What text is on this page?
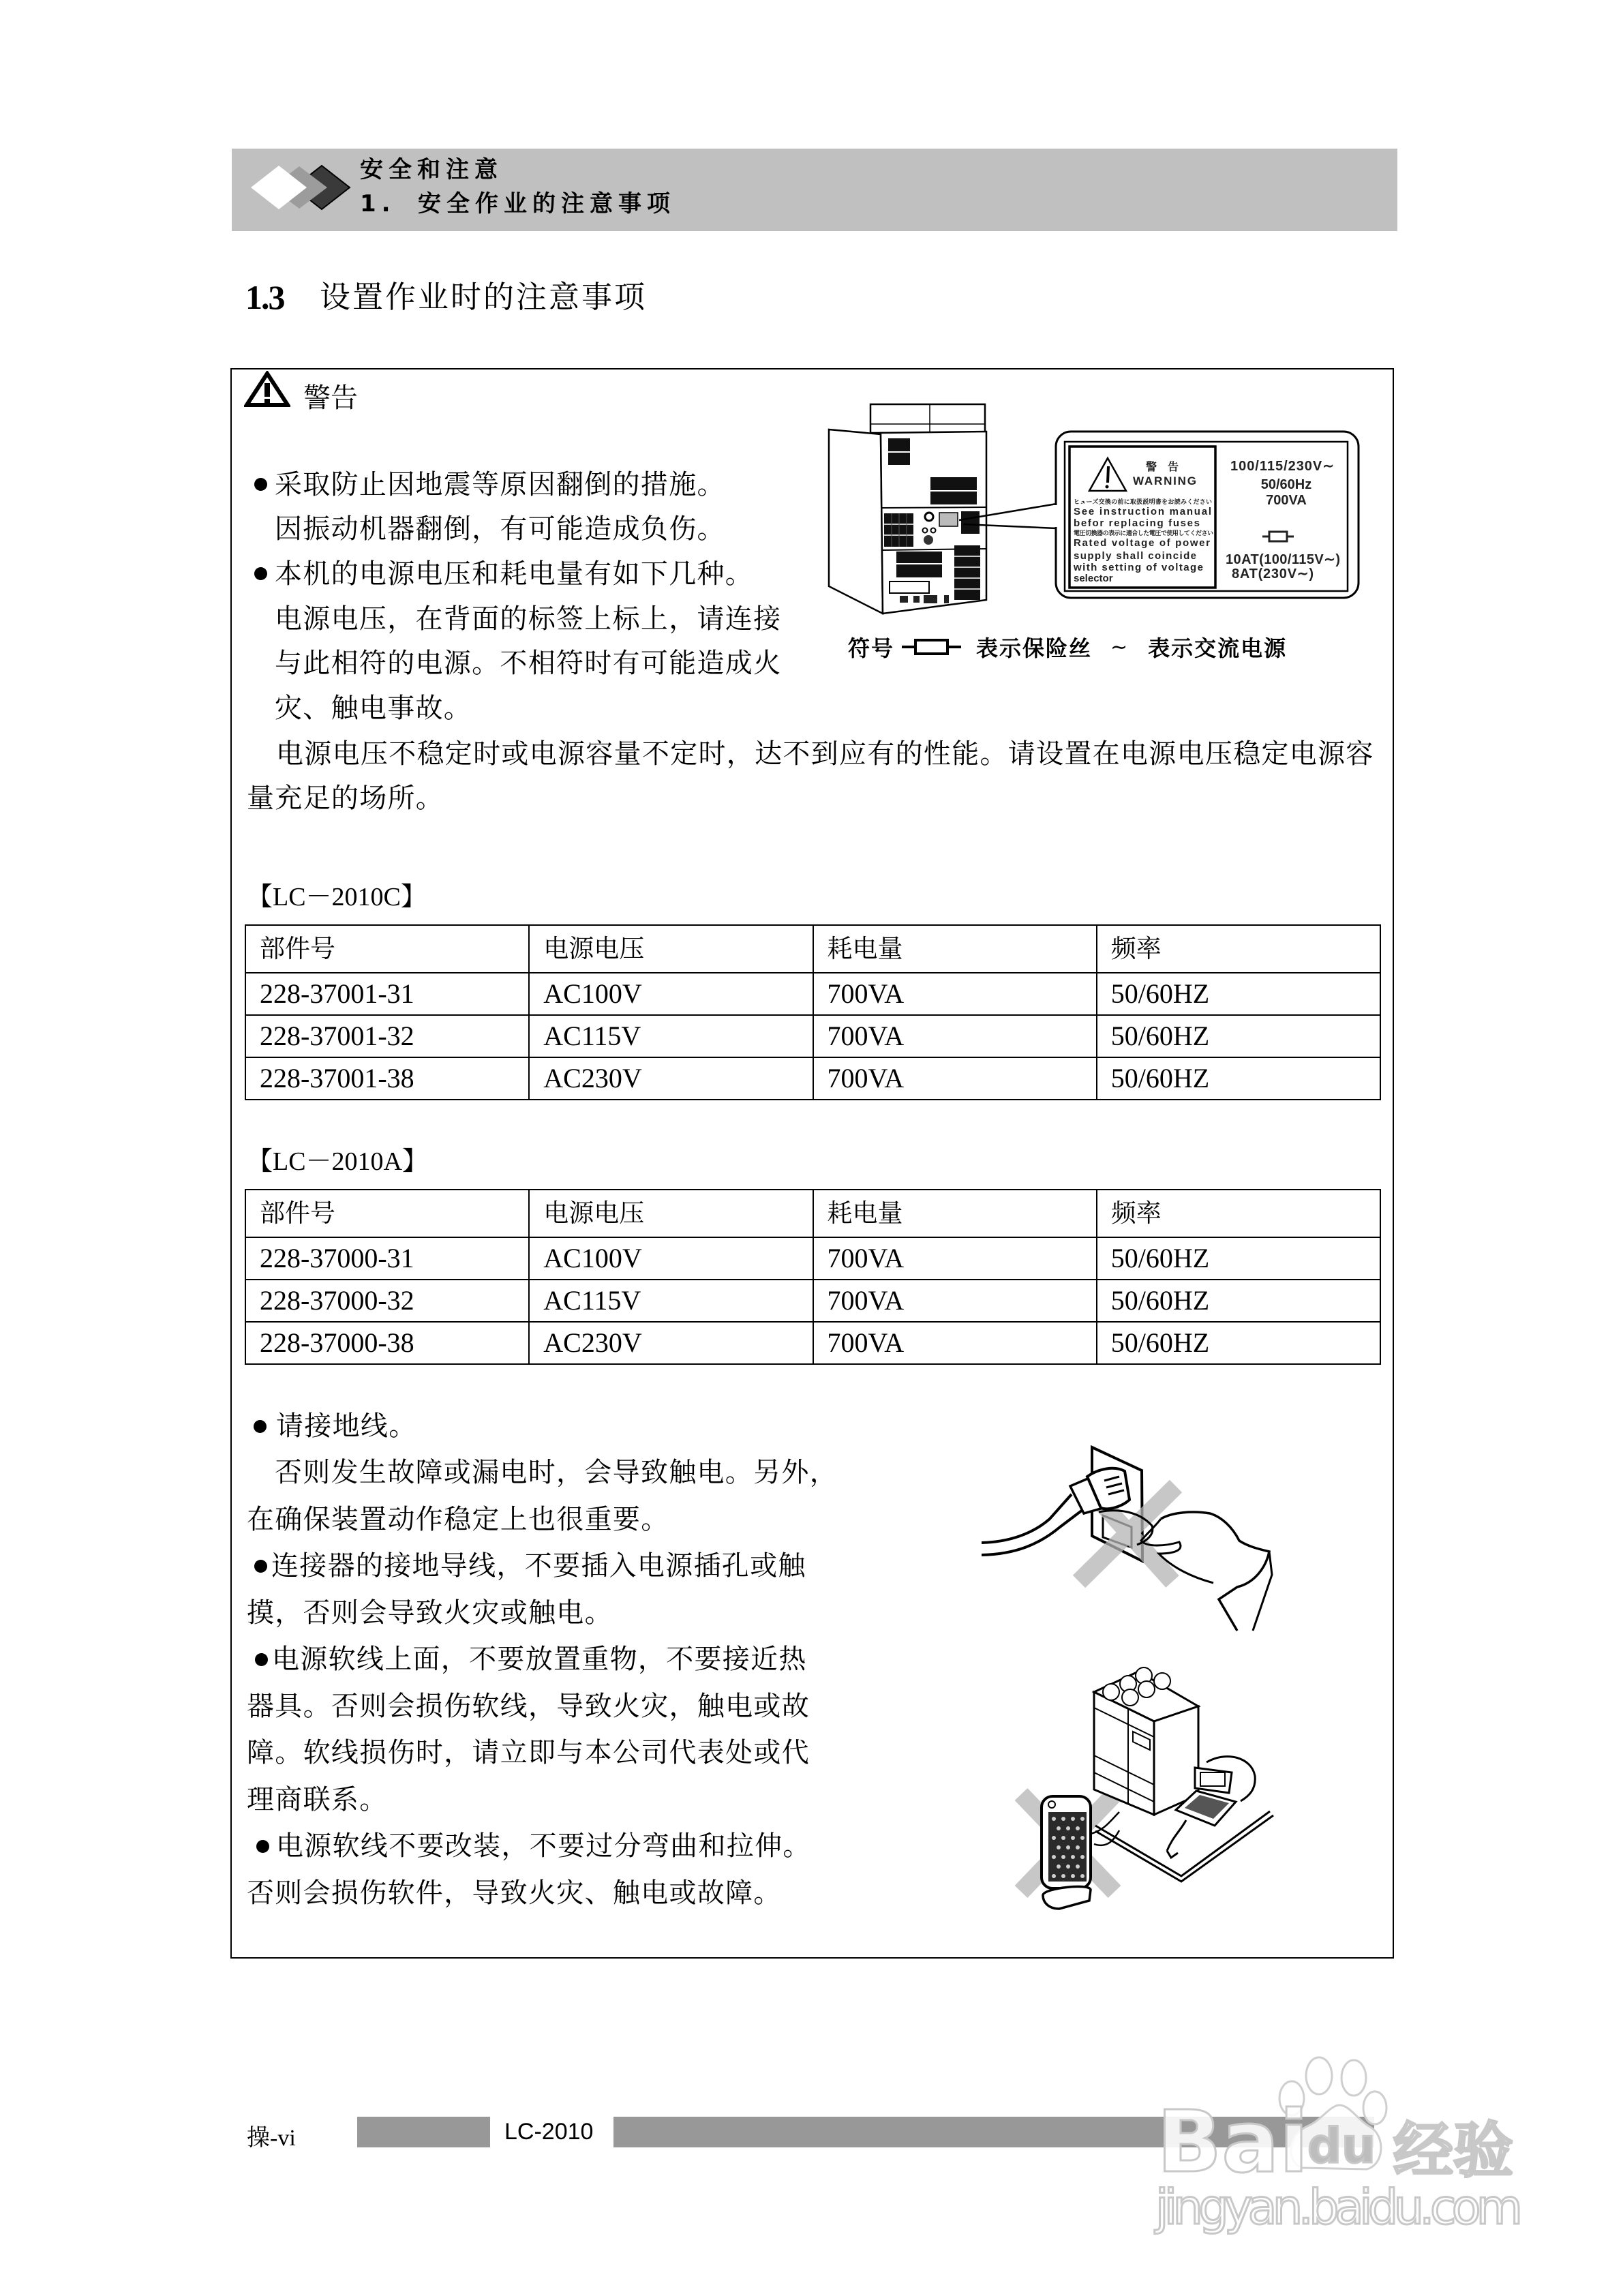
安全和注意
1. 安全作业的注意事项
1.3 设置作业时的注意事项
警告
采取防止因地震等原因翻倒的措施。
因振动机器翻倒，有可能造成负伤。
本机的电源电压和耗电量有如下几种。
电源电压，在背面的标签上标上，请连接
与此相符的电源。不相符时有可能造成火
灾、触电事故。
电源电压不稳定时或电源容量不定时，达不到应有的性能。请设置在电源电压稳定电源容
量充足的场所。
警　告
WARNING
ヒューズ交換の前に取扱説明書をお読みください
See instruction manual
befor replacing fuses
電圧切換器の表示に適合した電圧で使用してください
Rated voltage of power
supply shall coincide
with setting of voltage
selector
100/115/230V∼
50/60Hz
700VA
10AT(100/115V∼)
8AT(230V∼)
符号	表示保险丝 ∼ 表示交流电源
【LC－2010C】
部件号	电源电压	耗电量	频率
228-37001-31	AC100V	700VA	50/60HZ
228-37001-32	AC115V	700VA	50/60HZ
228-37001-38	AC230V	700VA	50/60HZ
【LC－2010A】
部件号	电源电压	耗电量	频率
228-37000-31	AC100V	700VA	50/60HZ
228-37000-32	AC115V	700VA	50/60HZ
228-37000-38	AC230V	700VA	50/60HZ
请接地线。
否则发生故障或漏电时，会导致触电。另外，
在确保装置动作稳定上也很重要。
连接器的接地导线，不要插入电源插孔或触
摸，否则会导致火灾或触电。
电源软线上面，不要放置重物，不要接近热
器具。否则会损伤软线，导致火灾，触电或故
障。软线损伤时，请立即与本公司代表处或代
理商联系。
电源软线不要改装，不要过分弯曲和拉伸。
否则会损伤软件，导致火灾、触电或故障。
操-vi	LC-2010	Bai
du 经验
jingyan.baidu.com
